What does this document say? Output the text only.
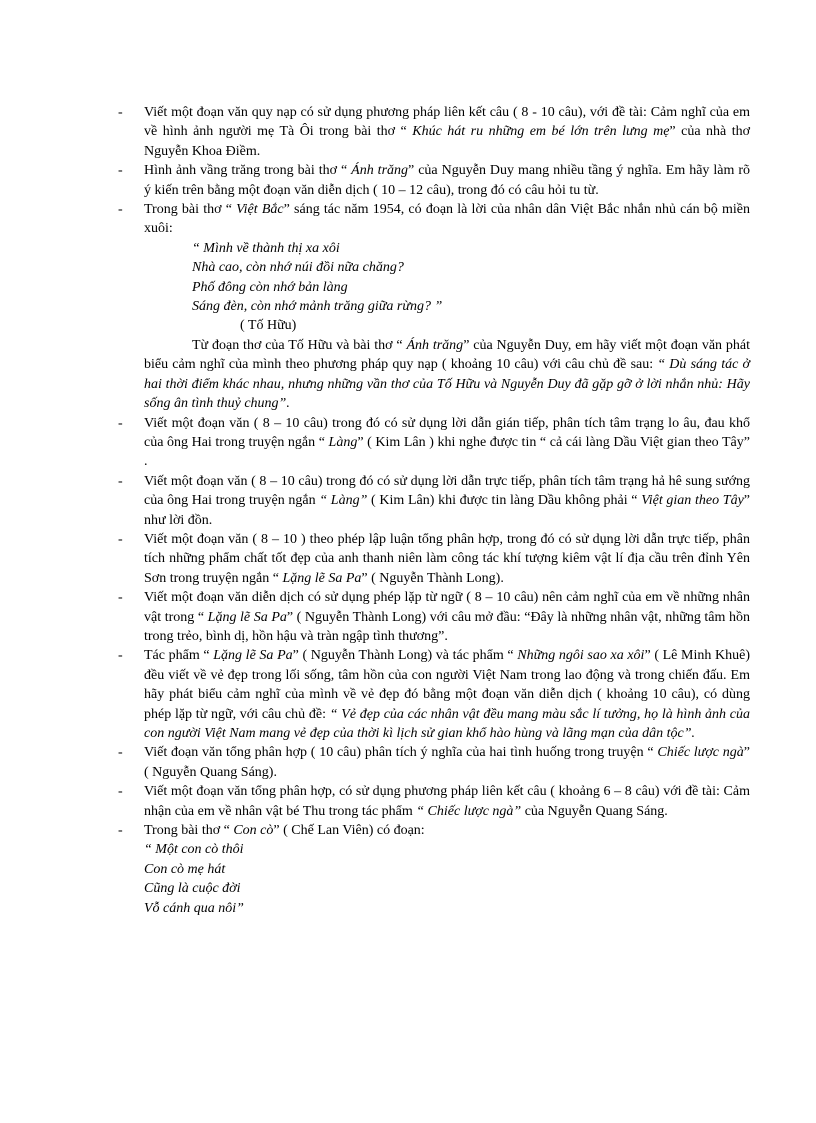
- Viết một đoạn văn quy nạp có sử dụng phương pháp liên kết câu ( 8 - 10 câu), với đề tài: Cảm nghĩ của em về hình ảnh người mẹ Tà Ôi trong bài thơ “ Khúc hát ru những em bé lớn trên lưng mẹ” của nhà thơ Nguyễn Khoa Điềm.
- Hình ảnh vầng trăng trong bài thơ “ Ánh trăng” của Nguyễn Duy mang nhiều tầng ý nghĩa. Em hãy làm rõ ý kiến trên bằng một đoạn văn diễn dịch ( 10 – 12 câu), trong đó có câu hỏi tu từ.
- Trong bài thơ “ Việt Bắc” sáng tác năm 1954, có đoạn là lời của nhân dân Việt Bắc nhắn nhủ cán bộ miền xuôi:
“ Mình về thành thị xa xôi
Nhà cao, còn nhớ núi đồi nữa chăng?
Phố đông còn nhớ bản làng
Sáng đèn, còn nhớ mảnh trăng giữa rừng? ”
( Tố Hữu)
Từ đoạn thơ của Tố Hữu và bài thơ “ Ánh trăng” của Nguyễn Duy, em hãy viết một đoạn văn phát biểu cảm nghĩ của mình theo phương pháp quy nạp ( khoảng 10 câu) với câu chủ đề sau: “ Dù sáng tác ở hai thời điểm khác nhau, nhưng những vần thơ của Tố Hữu và Nguyễn Duy đã gặp gỡ ở lời nhắn nhủ: Hãy sống ân tình thuỷ chung”.
- Viết một đoạn văn ( 8 – 10 câu) trong đó có sử dụng lời dẫn gián tiếp, phân tích tâm trạng lo âu, đau khổ của ông Hai trong truyện ngắn “ Làng” ( Kim Lân ) khi nghe được tin “ cả cái làng Dầu Việt gian theo Tây” .
- Viết một đoạn văn ( 8 – 10 câu) trong đó có sử dụng lời dẫn trực tiếp, phân tích tâm trạng hả hê sung sướng của ông Hai trong truyện ngắn “ Làng” ( Kim Lân) khi được tin làng Dầu không phải “ Việt gian theo Tây” như lời đồn.
- Viết một đoạn văn ( 8 – 10 ) theo phép lập luận tổng phân hợp, trong đó có sử dụng lời dẫn trực tiếp, phân tích những phẩm chất tốt đẹp của anh thanh niên làm công tác khí tượng kiêm vật lí địa cầu trên đỉnh Yên Sơn trong truyện ngắn “ Lặng lẽ Sa Pa” ( Nguyễn Thành Long).
- Viết một đoạn văn diễn dịch có sử dụng phép lặp từ ngữ ( 8 – 10 câu) nên cảm nghĩ của em về những nhân vật trong “ Lặng lẽ Sa Pa” ( Nguyễn Thành Long) với câu mở đầu: “Đây là những nhân vật, những tâm hồn trong trẻo, bình dị, hồn hậu và tràn ngập tình thương”.
- Tác phẩm “ Lặng lẽ Sa Pa” ( Nguyễn Thành Long) và tác phẩm “ Những ngôi sao xa xôi” ( Lê Minh Khuê) đều viết về vẻ đẹp trong lối sống, tâm hồn của con người Việt Nam trong lao động và trong chiến đấu. Em hãy phát biểu cảm nghĩ của mình về vẻ đẹp đó bằng một đoạn văn diễn dịch ( khoảng 10 câu), có dùng phép lặp từ ngữ, với câu chủ đề: “ Vẻ đẹp của các nhân vật đều mang màu sắc lí tưởng, họ là hình ảnh của con người Việt Nam mang vẻ đẹp của thời kì lịch sử gian khổ hào hùng và lãng mạn của dân tộc”.
- Viết đoạn văn tổng phân hợp ( 10 câu) phân tích ý nghĩa của hai tình huống trong truyện “ Chiếc lược ngà” ( Nguyễn Quang Sáng).
- Viết một đoạn văn tổng phân hợp, có sử dụng phương pháp liên kết câu ( khoảng 6 – 8 câu) với đề tài: Cảm nhận của em về nhân vật bé Thu trong tác phẩm “ Chiếc lược ngà” của Nguyễn Quang Sáng.
- Trong bài thơ “ Con cò” ( Chế Lan Viên) có đoạn:
“ Một con cò thôi
Con cò mẹ hát
Cũng là cuộc đời
Vỗ cánh qua nôi”
